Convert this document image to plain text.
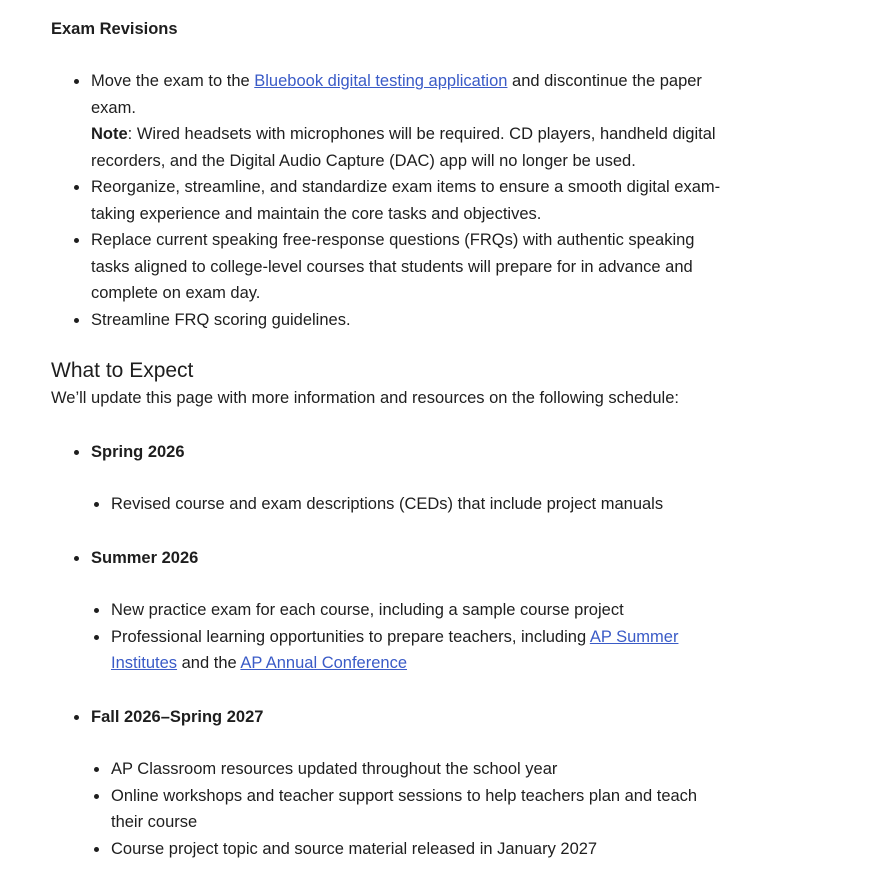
Exam Revisions
Move the exam to the Bluebook digital testing application and discontinue the paper exam.
Note: Wired headsets with microphones will be required. CD players, handheld digital recorders, and the Digital Audio Capture (DAC) app will no longer be used.
Reorganize, streamline, and standardize exam items to ensure a smooth digital exam-taking experience and maintain the core tasks and objectives.
Replace current speaking free-response questions (FRQs) with authentic speaking tasks aligned to college-level courses that students will prepare for in advance and complete on exam day.
Streamline FRQ scoring guidelines.
What to Expect
We’ll update this page with more information and resources on the following schedule:
Spring 2026
Revised course and exam descriptions (CEDs) that include project manuals
Summer 2026
New practice exam for each course, including a sample course project
Professional learning opportunities to prepare teachers, including AP Summer Institutes and the AP Annual Conference
Fall 2026–Spring 2027
AP Classroom resources updated throughout the school year
Online workshops and teacher support sessions to help teachers plan and teach their course
Course project topic and source material released in January 2027
